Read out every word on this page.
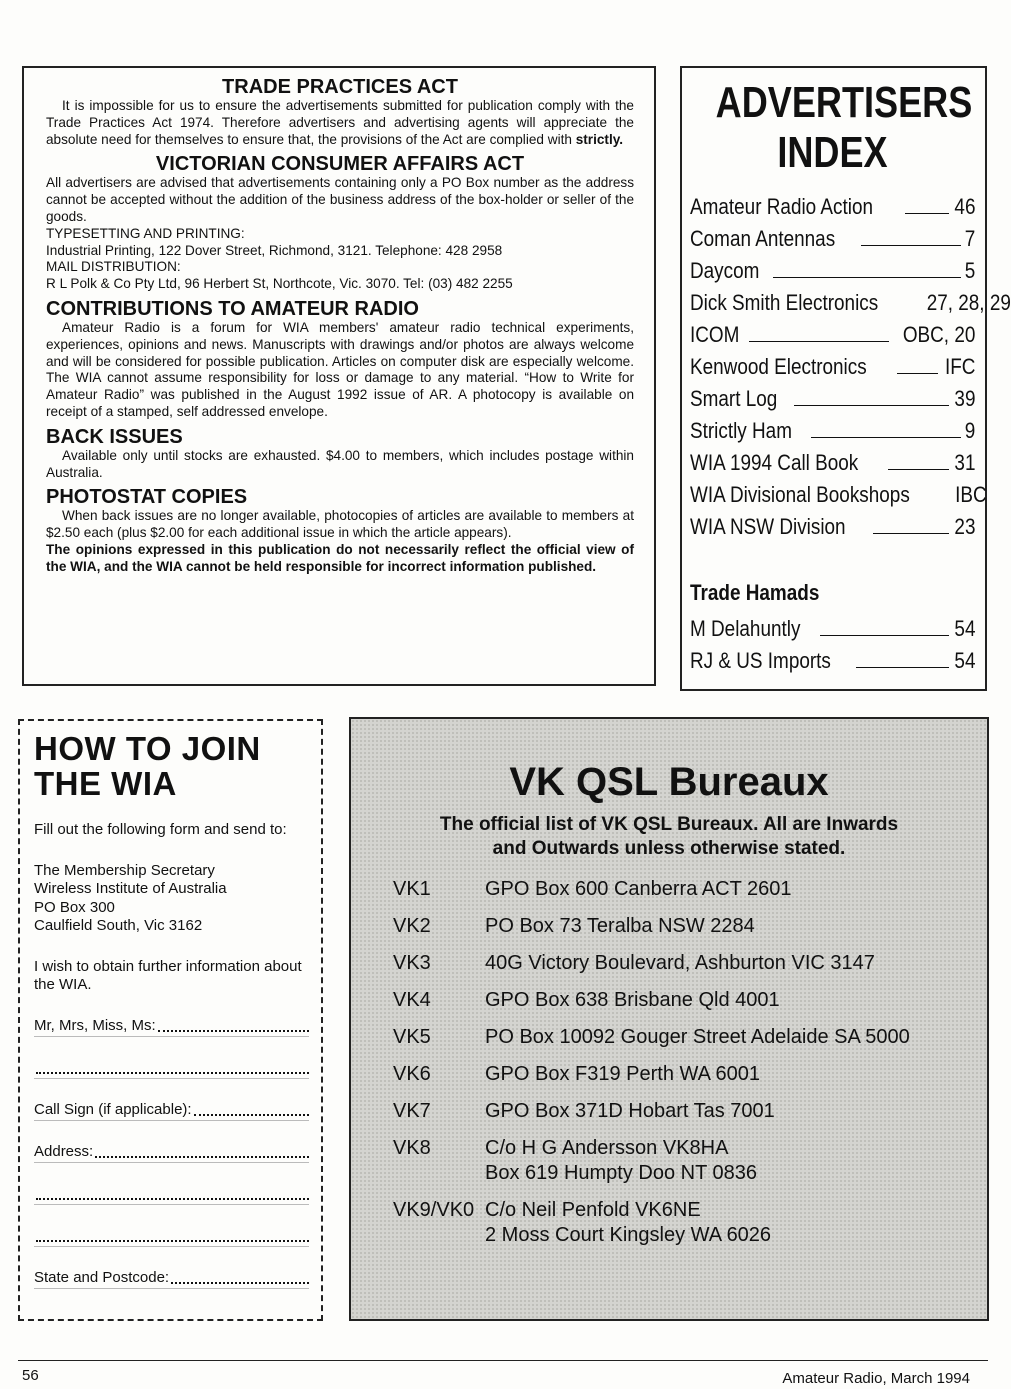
TRADE PRACTICES ACT

It is impossible for us to ensure the advertisements submitted for publication comply with the Trade Practices Act 1974. Therefore advertisers and advertising agents will appreciate the absolute need for themselves to ensure that, the provisions of the Act are complied with strictly.

VICTORIAN CONSUMER AFFAIRS ACT

All advertisers are advised that advertisements containing only a PO Box number as the address cannot be accepted without the addition of the business address of the box-holder or seller of the goods.

TYPESETTING AND PRINTING:

Industrial Printing, 122 Dover Street, Richmond, 3121. Telephone: 428 2958

MAIL DISTRIBUTION:

R L Polk & Co Pty Ltd, 96 Herbert St, Northcote, Vic. 3070. Tel: (03) 482 2255

CONTRIBUTIONS TO AMATEUR RADIO

Amateur Radio is a forum for WIA members' amateur radio technical experiments, experiences, opinions and news. Manuscripts with drawings and/or photos are always welcome and will be considered for possible publication. Articles on computer disk are especially welcome. The WIA cannot assume responsibility for loss or damage to any material. “How to Write for Amateur Radio” was published in the August 1992 issue of AR. A photocopy is available on receipt of a stamped, self addressed envelope.

BACK ISSUES

Available only until stocks are exhausted. $4.00 to members, which includes postage within Australia.

PHOTOSTAT COPIES

When back issues are no longer available, photocopies of articles are available to members at $2.50 each (plus $2.00 for each additional issue in which the article appears).

The opinions expressed in this publication do not necessarily reflect the official view of the WIA, and the WIA cannot be held responsible for incorrect information published.

ADVERTISERS
INDEX
Amateur Radio Action	46
Coman Antennas	7
Daycom	5
Dick Smith Electronics	27, 28, 29
ICOM	OBC, 20
Kenwood Electronics	IFC
Smart Log	39
Strictly Ham	9
WIA 1994 Call Book	31
WIA Divisional Bookshops	IBC
WIA NSW Division	23
Trade Hamads
M Delahuntly	54
RJ & US Imports	54
HOW TO JOIN
THE WIA

Fill out the following form and send to:

The Membership Secretary
Wireless Institute of Australia
PO Box 300
Caulfield South, Vic 3162

I wish to obtain further information about the WIA.

Mr, Mrs, Miss, Ms:
Call Sign (if applicable):
Address:
State and Postcode:
VK QSL Bureaux
The official list of VK QSL Bureaux. All are Inwards
and Outwards unless otherwise stated.
VK1	GPO Box 600 Canberra ACT 2601
VK2	PO Box 73 Teralba NSW 2284
VK3	40G Victory Boulevard, Ashburton VIC 3147
VK4	GPO Box 638 Brisbane Qld 4001
VK5	PO Box 10092 Gouger Street Adelaide SA 5000
VK6	GPO Box F319 Perth WA 6001
VK7	GPO Box 371D Hobart Tas 7001
VK8	C/o H G Andersson VK8HA
Box 619 Humpty Doo NT 0836
VK9/VK0 C/o Neil Penfold VK6NE
2 Moss Court Kingsley WA 6026
56	Amateur Radio, March 1994
